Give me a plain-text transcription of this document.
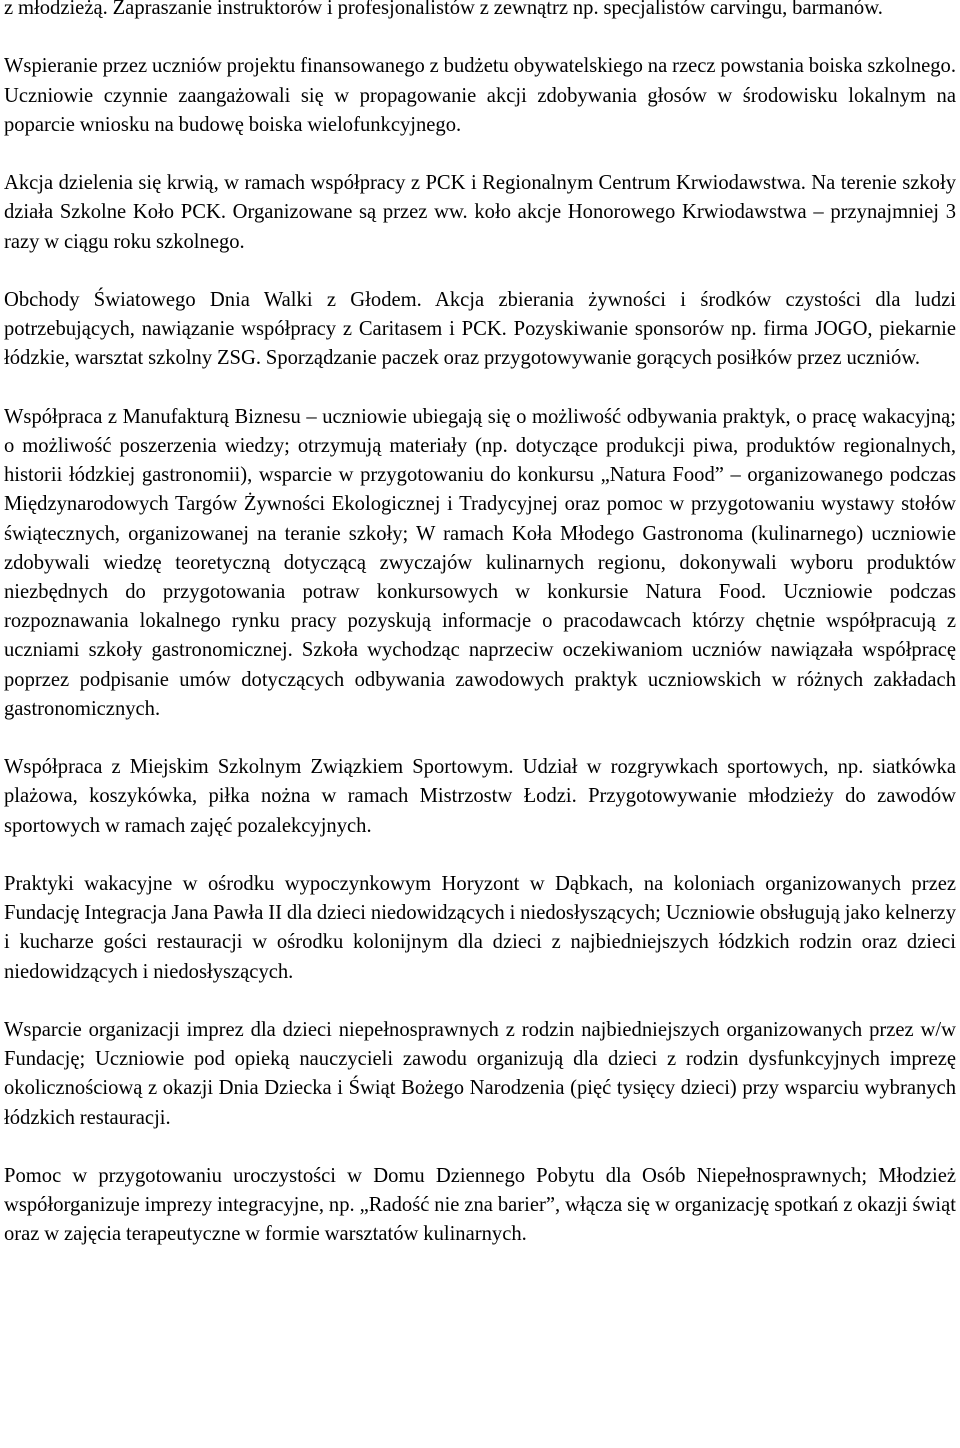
z młodzieżą. Zapraszanie instruktorów i profesjonalistów z zewnątrz np. specjalistów carvingu, barmanów.

Wspieranie przez uczniów projektu finansowanego z budżetu obywatelskiego na rzecz powstania boiska szkolnego. Uczniowie czynnie zaangażowali się w propagowanie akcji zdobywania głosów w środowisku lokalnym na poparcie wniosku na budowę boiska wielofunkcyjnego.

Akcja dzielenia się krwią, w ramach współpracy z PCK i Regionalnym Centrum Krwiodawstwa. Na terenie szkoły działa Szkolne Koło PCK. Organizowane są przez ww. koło akcje Honorowego Krwiodawstwa – przynajmniej 3 razy w ciągu roku szkolnego.

Obchody Światowego Dnia Walki z Głodem. Akcja zbierania żywności i środków czystości dla ludzi potrzebujących, nawiązanie współpracy z Caritasem i PCK. Pozyskiwanie sponsorów np. firma JOGO, piekarnie łódzkie, warsztat szkolny ZSG. Sporządzanie paczek oraz przygotowywanie gorących posiłków przez uczniów.

Współpraca z Manufakturą Biznesu – uczniowie ubiegają się o możliwość odbywania praktyk, o pracę wakacyjną; o możliwość poszerzenia wiedzy; otrzymują materiały (np. dotyczące produkcji piwa, produktów regionalnych, historii łódzkiej gastronomii), wsparcie w przygotowaniu do konkursu „Natura Food” – organizowanego podczas Międzynarodowych Targów Żywności Ekologicznej i Tradycyjnej oraz pomoc w przygotowaniu wystawy stołów świątecznych, organizowanej na teranie szkoły; W ramach Koła Młodego Gastronoma (kulinarnego) uczniowie zdobywali wiedzę teoretyczną dotyczącą zwyczajów kulinarnych regionu, dokonywali wyboru produktów niezbędnych do przygotowania potraw konkursowych w konkursie Natura Food. Uczniowie podczas rozpoznawania lokalnego rynku pracy pozyskują informacje o pracodawcach którzy chętnie współpracują z uczniami szkoły gastronomicznej. Szkoła wychodząc naprzeciw oczekiwaniom uczniów nawiązała współpracę poprzez podpisanie umów dotyczących odbywania zawodowych praktyk uczniowskich w różnych zakładach gastronomicznych.

Współpraca z Miejskim Szkolnym Związkiem Sportowym. Udział w rozgrywkach sportowych, np. siatkówka plażowa, koszykówka, piłka nożna w ramach Mistrzostw Łodzi. Przygotowywanie młodzieży do zawodów sportowych w ramach zajęć pozalekcyjnych.

Praktyki wakacyjne w ośrodku wypoczynkowym Horyzont w Dąbkach, na koloniach organizowanych przez Fundację Integracja Jana Pawła II dla dzieci niedowidzących i niedosłyszących; Uczniowie obsługują jako kelnerzy i kucharze gości restauracji w ośrodku kolonijnym dla dzieci z najbiedniejszych łódzkich rodzin oraz dzieci niedowidzących i niedosłyszących.

Wsparcie organizacji imprez dla dzieci niepełnosprawnych z rodzin najbiedniejszych organizowanych przez w/w Fundację; Uczniowie pod opieką nauczycieli zawodu organizują dla dzieci z rodzin dysfunkcyjnych imprezę okolicznościową z okazji Dnia Dziecka i Świąt Bożego Narodzenia (pięć tysięcy dzieci) przy wsparciu wybranych łódzkich restauracji.

Pomoc w przygotowaniu uroczystości w Domu Dziennego Pobytu dla Osób Niepełnosprawnych; Młodzież współorganizuje imprezy integracyjne, np. „Radość nie zna barier”, włącza się w organizację spotkań z okazji świąt oraz w zajęcia terapeutyczne w formie warsztatów kulinarnych.
